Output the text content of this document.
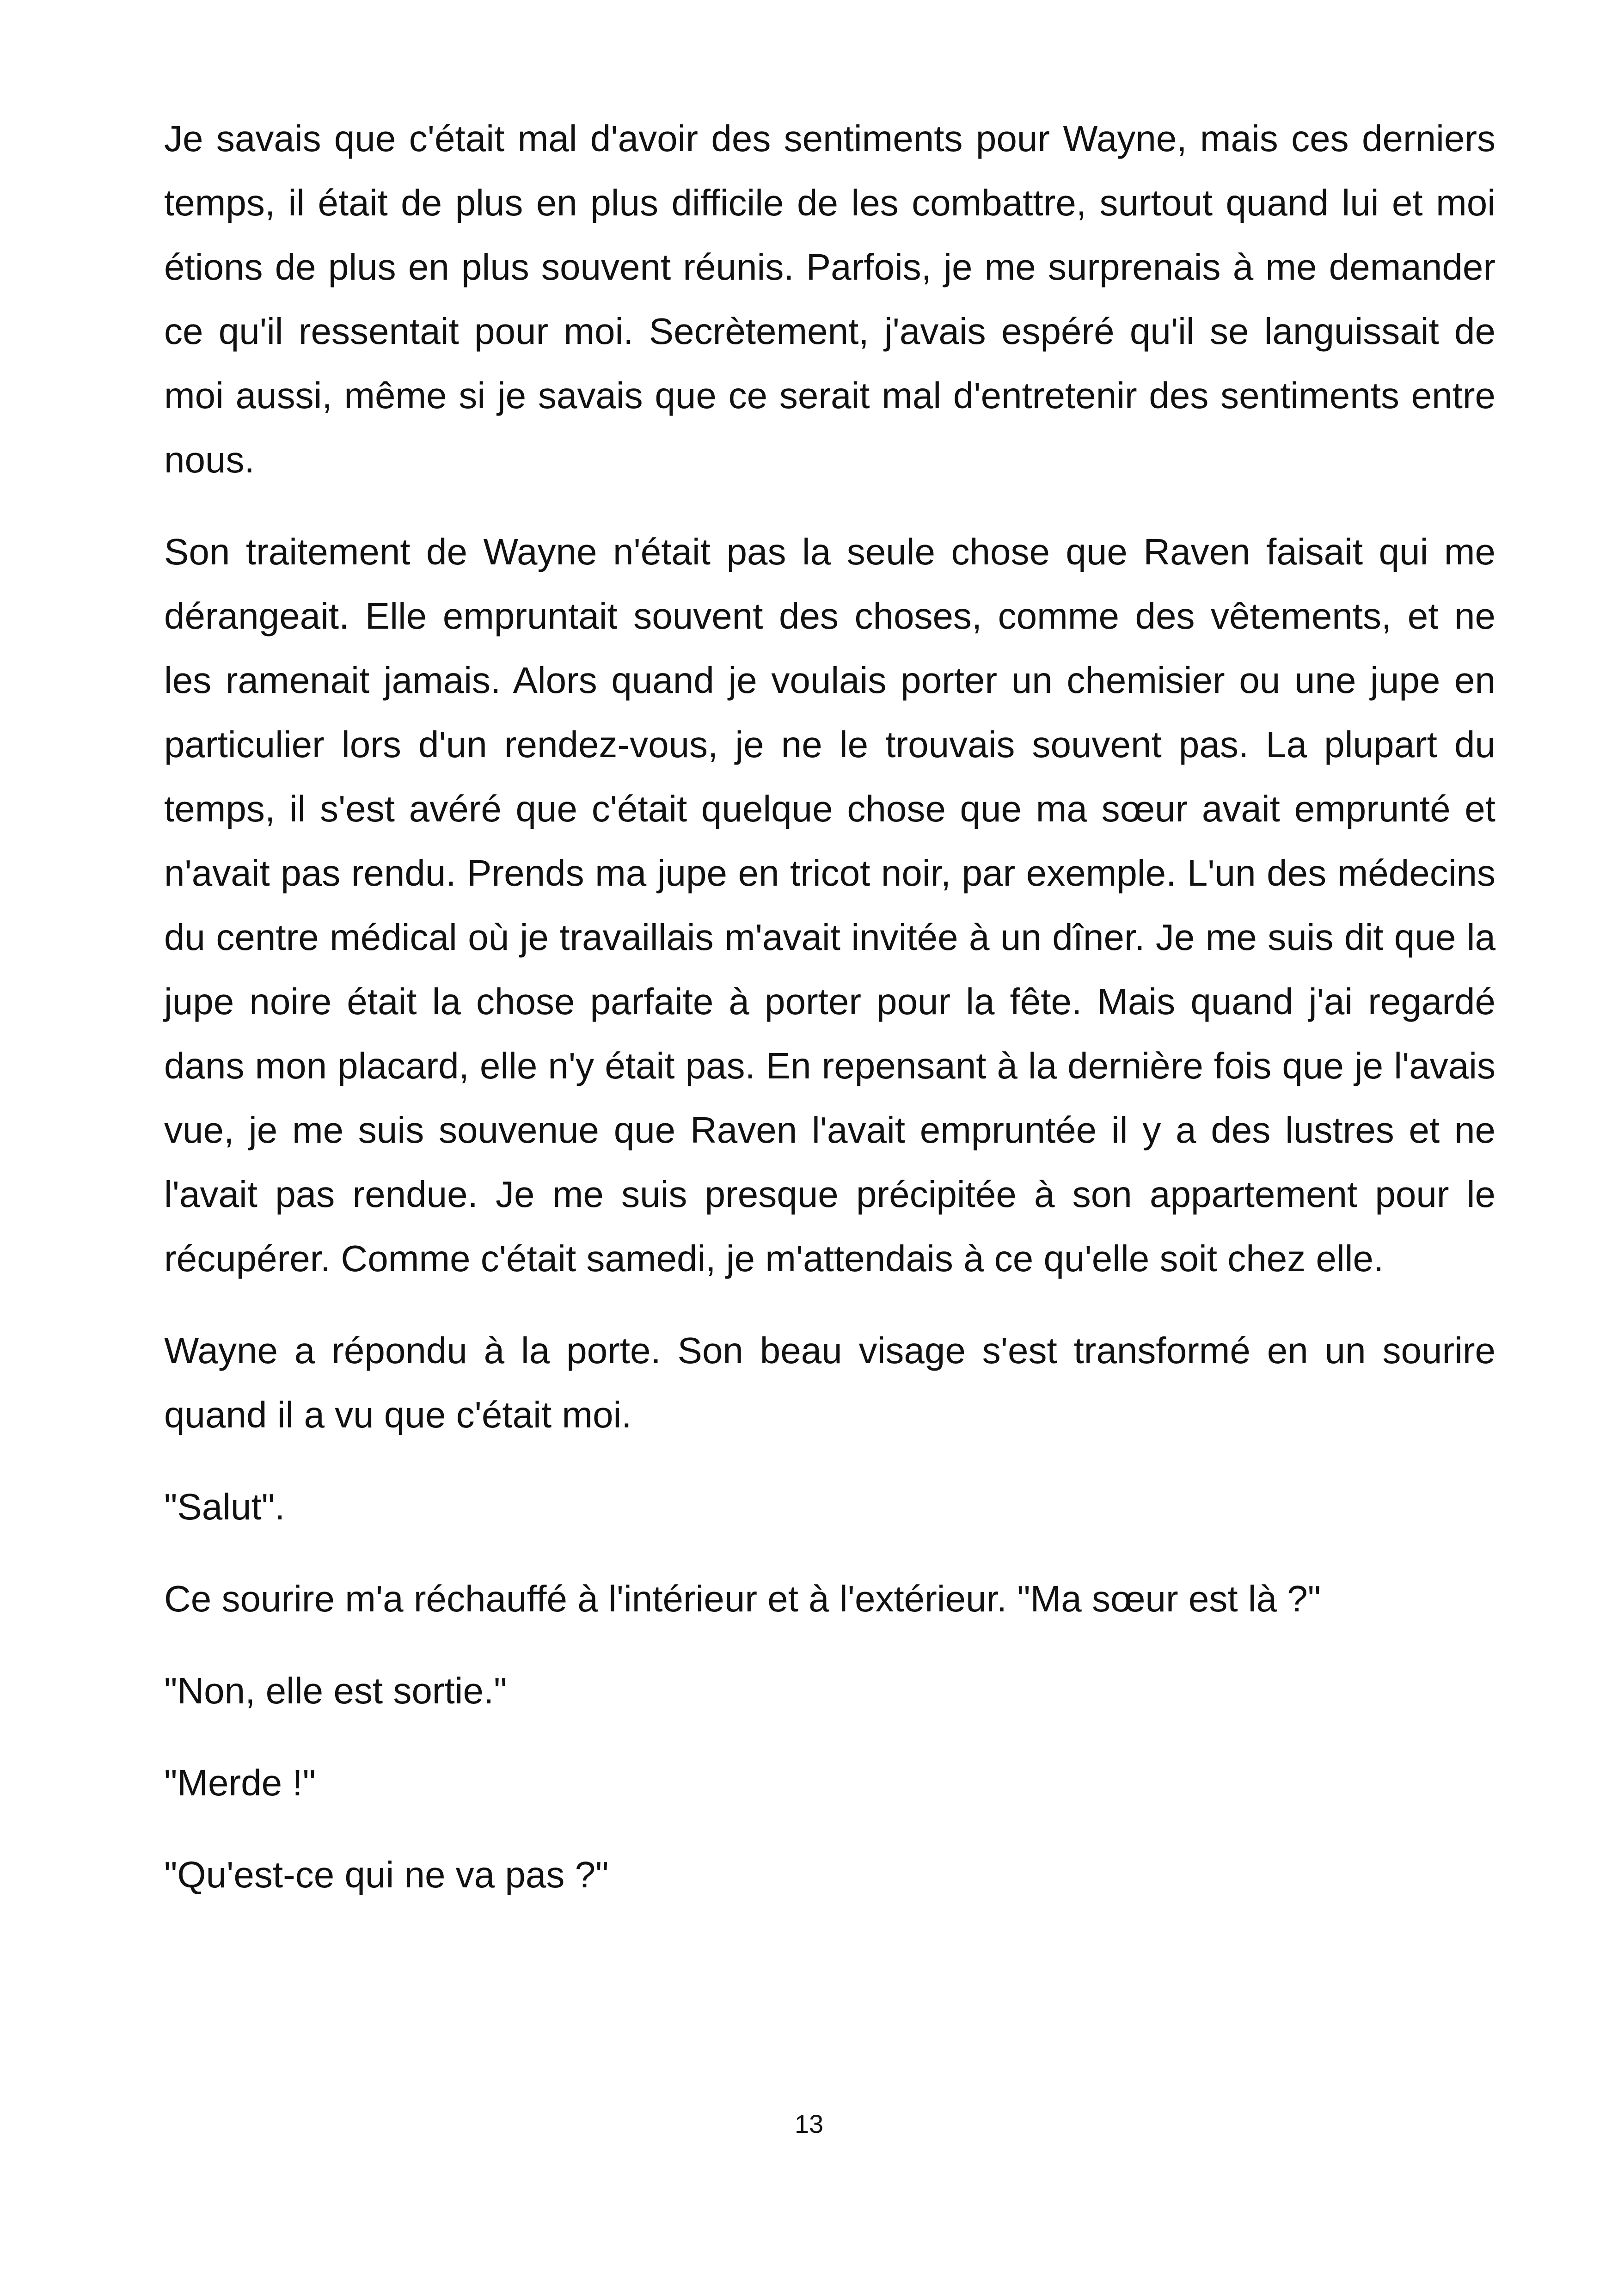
Je savais que c'était mal d'avoir des sentiments pour Wayne, mais ces derniers temps, il était de plus en plus difficile de les combattre, surtout quand lui et moi étions de plus en plus souvent réunis. Parfois, je me surprenais à me demander ce qu'il ressentait pour moi. Secrètement, j'avais espéré qu'il se languissait de moi aussi, même si je savais que ce serait mal d'entretenir des sentiments entre nous.

Son traitement de Wayne n'était pas la seule chose que Raven faisait qui me dérangeait. Elle empruntait souvent des choses, comme des vêtements, et ne les ramenait jamais. Alors quand je voulais porter un chemisier ou une jupe en particulier lors d'un rendez-vous, je ne le trouvais souvent pas. La plupart du temps, il s'est avéré que c'était quelque chose que ma sœur avait emprunté et n'avait pas rendu. Prends ma jupe en tricot noir, par exemple. L'un des médecins du centre médical où je travaillais m'avait invitée à un dîner. Je me suis dit que la jupe noire était la chose parfaite à porter pour la fête. Mais quand j'ai regardé dans mon placard, elle n'y était pas. En repensant à la dernière fois que je l'avais vue, je me suis souvenue que Raven l'avait empruntée il y a des lustres et ne l'avait pas rendue. Je me suis presque précipitée à son appartement pour le récupérer. Comme c'était samedi, je m'attendais à ce qu'elle soit chez elle.

Wayne a répondu à la porte. Son beau visage s'est transformé en un sourire quand il a vu que c'était moi.

"Salut".

Ce sourire m'a réchauffé à l'intérieur et à l'extérieur. "Ma sœur est là ?"

"Non, elle est sortie."

"Merde !"

"Qu'est-ce qui ne va pas ?"

13
